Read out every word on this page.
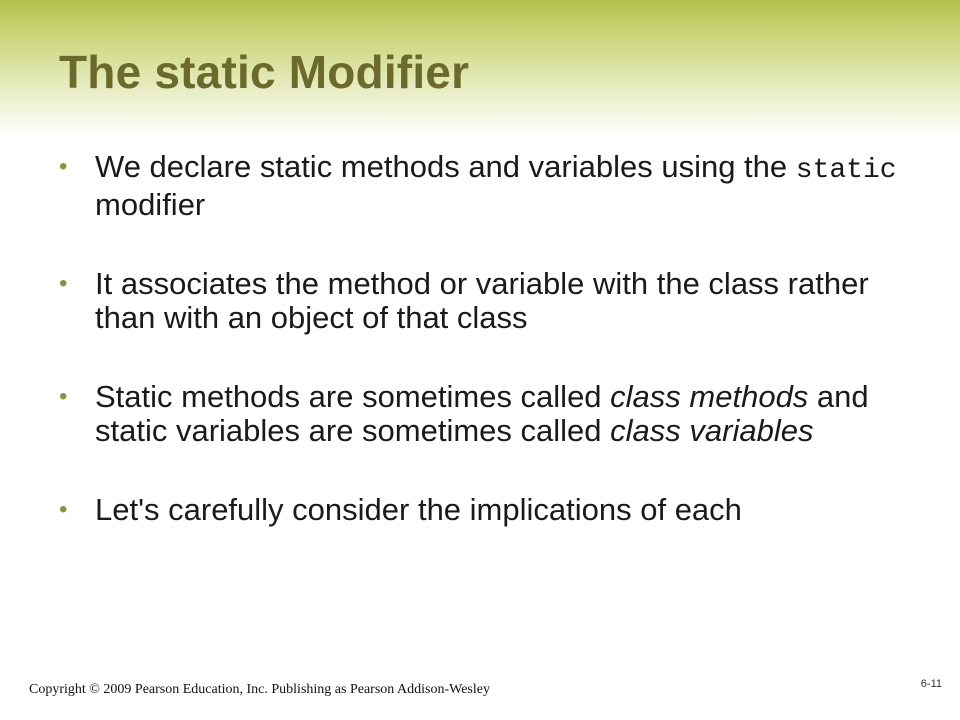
The static Modifier
• We declare static methods and variables using the static modifier
• It associates the method or variable with the class rather than with an object of that class
• Static methods are sometimes called class methods and static variables are sometimes called class variables
• Let's carefully consider the implications of each
Copyright © 2009 Pearson Education, Inc. Publishing as Pearson Addison-Wesley	6-11
